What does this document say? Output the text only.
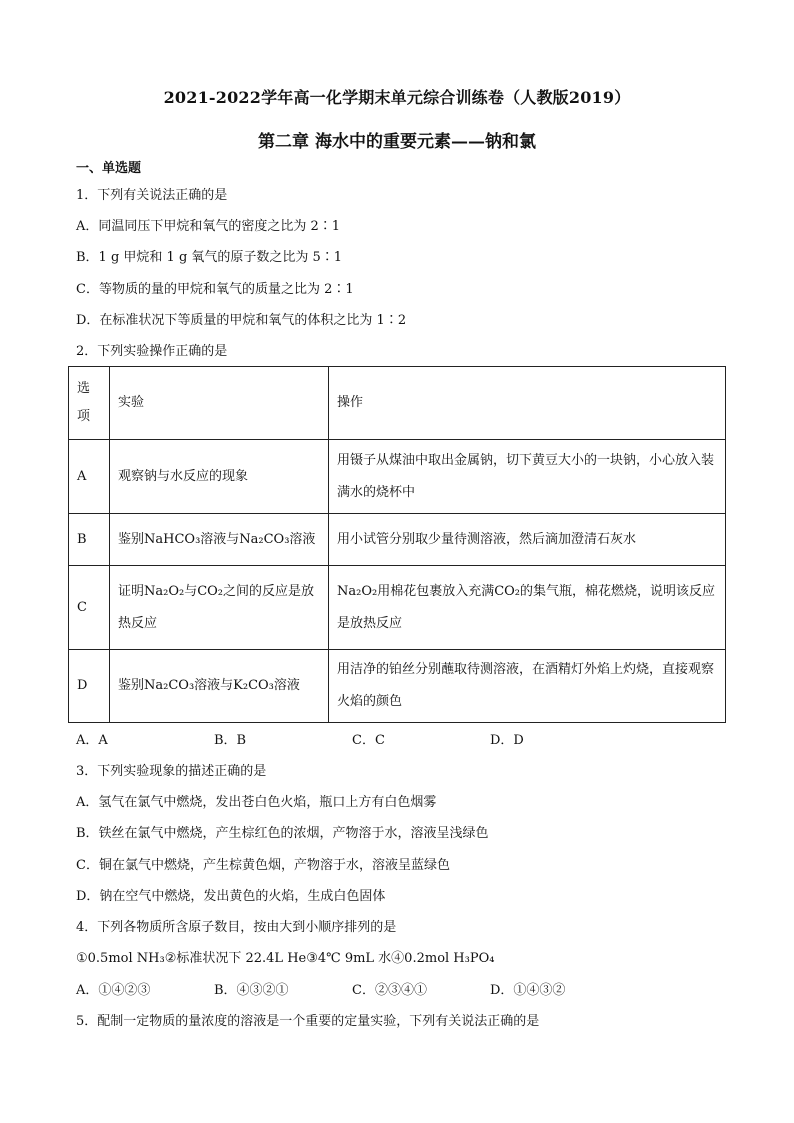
2021-2022学年高一化学期末单元综合训练卷（人教版2019）
第二章 海水中的重要元素——钠和氯
一、单选题
1．下列有关说法正确的是
A．同温同压下甲烷和氧气的密度之比为 2∶1
B．1 g 甲烷和 1 g 氧气的原子数之比为 5∶1
C．等物质的量的甲烷和氧气的质量之比为 2∶1
D．在标准状况下等质量的甲烷和氧气的体积之比为 1∶2
2．下列实验操作正确的是
选项	实验	操作
A	观察钠与水反应的现象	用镊子从煤油中取出金属钠，切下黄豆大小的一块钠，小心放入装满水的烧杯中
B	鉴别NaHCO₃溶液与Na₂CO₃溶液	用小试管分别取少量待测溶液，然后滴加澄清石灰水
C	证明Na₂O₂与CO₂之间的反应是放热反应	Na₂O₂用棉花包裹放入充满CO₂的集气瓶，棉花燃烧，说明该反应是放热反应
D	鉴别Na₂CO₃溶液与K₂CO₃溶液	用洁净的铂丝分别蘸取待测溶液，在酒精灯外焰上灼烧，直接观察火焰的颜色
A．A	B．B	C．C	D．D
3．下列实验现象的描述正确的是
A．氢气在氯气中燃烧，发出苍白色火焰，瓶口上方有白色烟雾
B．铁丝在氯气中燃烧，产生棕红色的浓烟，产物溶于水，溶液呈浅绿色
C．铜在氯气中燃烧，产生棕黄色烟，产物溶于水，溶液呈蓝绿色
D．钠在空气中燃烧，发出黄色的火焰，生成白色固体
4．下列各物质所含原子数目，按由大到小顺序排列的是
①0.5mol NH₃②标准状况下 22.4L He③4℃ 9mL 水④0.2mol H₃PO₄
A．①④②③	B．④③②①	C．②③④①	D．①④③②
5．配制一定物质的量浓度的溶液是一个重要的定量实验，下列有关说法正确的是
